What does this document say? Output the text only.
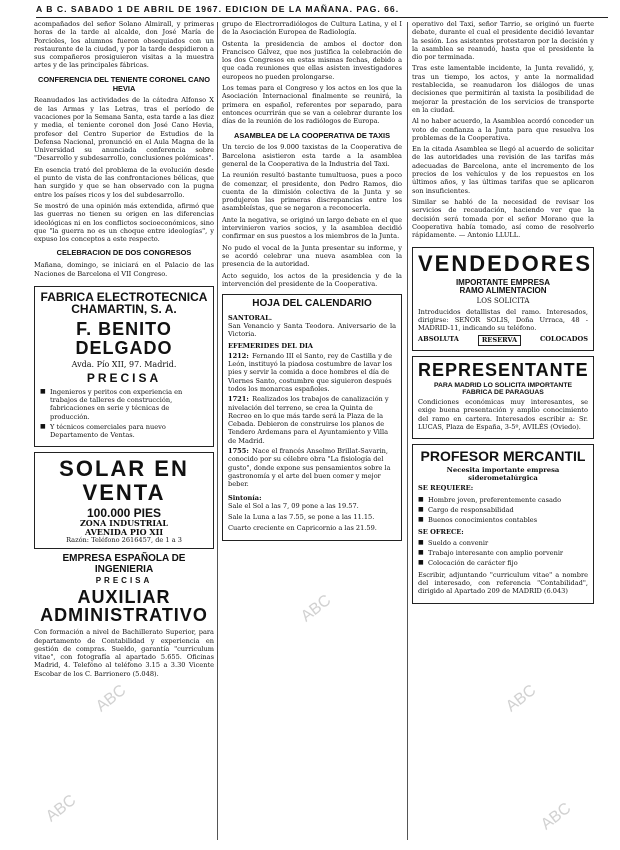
A B C. SABADO 1 DE ABRIL DE 1967. EDICION DE LA MAÑANA. PAG. 66.

acompañados del señor Solano Almirall, y primeras horas de la tarde al alcalde, don José María de Porcioles, los alumnos fueron obsequiados con un restaurante de la ciudad, y por la tarde despidieron a sus compañeros prosiguieron visitas a la muestra artes y de las principales fábricas.

CONFERENCIA DEL TENIENTE CORONEL CANO HEVIA

Reanudados las actividades de la cátedra Alfonso X de las Armas y las Letras, tras el período de vacaciones por la Semana Santa, esta tarde a las diez y media, el teniente coronel don José Cano Hevia, profesor del Centro Superior de Estudios de la Defensa Nacional, pronunció en el Aula Magna de la Universidad su anunciada conferencia sobre "Desarrollo y subdesarrollo, conclusiones polémicas".

En esencia trató del problema de la evolución desde el punto de vista de las confrontaciones bélicas, que han surgido y que se han observado con la pugna entre los países ricos y los del subdesarrollo.

Se mostró de una opinión más extendida, afirmó que las guerras no tienen su origen en las diferencias ideológicas ni en los conflictos socioeconómicos, sino que "la guerra no es un choque entre ideologías", y expuso los conceptos a este respecto.

CELEBRACION DE DOS CONGRESOS

Mañana, domingo, se iniciará en el Palacio de las Naciones de Barcelona el VII Congreso.

FABRICA ELECTROTECNICA
CHAMARTIN, S. A.
F. BENITO DELGADO
Avda. Pío XII, 97. Madrid.
PRECISA
■ Ingenieros y peritos con experiencia en trabajos de talleres de construcción, fabricaciones en serie y técnicas de producción.
■ Y técnicos comerciales para nuevo Departamento de Ventas.
SOLAR EN VENTA
100.000 PIES
ZONA INDUSTRIAL
AVENIDA PIO XII
Razón: Teléfono 2616457, de 1 a 3
EMPRESA ESPAÑOLA DE INGENIERIA
PRECISA
AUXILIAR ADMINISTRATIVO

Con formación a nivel de Bachillerato Superior, para departamento de Contabilidad y experiencia en gestión de compras. Sueldo, garantía "curriculum vitae", con fotografía al apartado 5.655. Oficinas Madrid, 4. Telefóno al teléfono 3.15 a 3.30 Vicente Escobar de los C. Barrionero (5.048).

grupo de Electrorradiólogos de Cultura Latina, y el I de la Asociación Europea de Radiología.

Ostenta la presidencia de ambos el doctor don Francisco Gálvez, que nos justifica la celebración de los dos Congresos en estas mismas fechas, debido a que cada reuniones que ellas asisten investigadores europeos no pueden prolongarse.

Los temas para el Congreso y los actos en los que la Asociación Internacional finalmente se reunirá, la primera en español, referentes por separado, para entonces ocurrirán que se van a celebrar durante los días de la reunión de los radiólogos de Europa.

ASAMBLEA DE LA COOPERATIVA DE TAXIS

Un tercio de los 9.000 taxistas de la Cooperativa de Barcelona asistieron esta tarde a la asamblea general de la Cooperativa de la Industria del Taxi.

La reunión resultó bastante tumultuosa, pues a poco de comenzar, el presidente, don Pedro Ramos, dio cuenta de la dimisión colectiva de la Junta y se produjeron las primeras discrepancias entre los asambleístas, que se negaron a reconocerla.

Ante la negativa, se originó un largo debate en el que intervinieron varios socios, y la asamblea decidió confirmar en sus puestos a los miembros de la Junta.

No pudo el vocal de la Junta presentar su informe, y se acordó celebrar una nueva asamblea con la presencia de la autoridad.

Acto seguido, los actos de la presidencia y de la intervención del presidente de la Cooperativa.

HOJA DEL CALENDARIO
SANTORAL.

San Venancio y Santa Teodora. Aniversario de la Victoria.

EFEMERIDES DEL DIA
1212: Fernando III el Santo, rey de Castilla y de León, instituyó la piadosa costumbre de lavar los pies y servir la comida a doce hombres el día de Viernes Santo, costumbre que siguieron después todos los monarcas españoles.
1721: Realizados los trabajos de canalización y nivelación del terreno, se crea la Quinta de Recreo en lo que más tarde será la Plaza de la Cebada. Debieron de construirse los planos de Tendero Ardemans para el Ayuntamiento y Villa de Madrid.
1755: Nace el francés Anselmo Brillat-Savarin, conocido por su célebre obra "La fisiología del gusto", donde expone sus pensamientos sobre la gastronomía y el arte del buen comer y mejor beber.
Sintonía:

Sale el Sol a las 7, 09 pone a las 19.57.

Sale la Luna a las 7.55, se pone a las 11.15.

Cuarto creciente en Capricornio a las 21.59.

operativo del Taxi, señor Tarrio, se originó un fuerte debate, durante el cual el presidente decidió levantar la sesión. Los asistentes protestaron por la decisión y la asamblea se reanudó, hasta que el presidente la dio por terminada.

Tras este lamentable incidente, la Junta revalidó, y, tras un tiempo, los actos, y ante la normalidad restablecida, se reanudaron los diálogos de unas decisiones que permitirán al taxista la posibilidad de mejorar la prestación de los servicios de transporte en la ciudad.

Al no haber acuerdo, la Asamblea acordó conceder un voto de confianza a la Junta para que resuelva los problemas de la Cooperativa.

En la citada Asamblea se llegó al acuerdo de solicitar de las autoridades una revisión de las tarifas más adecuadas de Barcelona, ante el incremento de los precios de los vehículos y de los repuestos en los últimos años, y las últimas tarifas que se aplicaron son insuficientes.

Similar se habló de la necesidad de revisar los servicios de recaudación, haciendo ver que la decisión será tomada por el señor Morano que la Cooperativa había tomado, así como de resolverlo rápidamente. — Antonio LLULL.

VENDEDORES
IMPORTANTE EMPRESA
RAMO ALIMENTACION
LOS SOLICITA

Introducidos detallistas del ramo. Interesados, dirigirse: SEÑOR SOLIS, Doña Urraca, 48 - MADRID-11, indicando su teléfono.

ABSOLUTA	RESERVA	COLOCADOS
REPRESENTANTE
PARA MADRID LO SOLICITA IMPORTANTE FABRICA DE PARAGUAS

Condiciones económicas muy interesantes, se exige buena presentación y amplio conocimiento del ramo en cartera. Interesados escribir a: Sr. LUCAS, Plaza de España, 3-5º, AVILÉS (Oviedo).

PROFESOR MERCANTIL
Necesita importante empresa siderometalúrgica
SE REQUIERE:
■ Hombre joven, preferentemente casado
■ Cargo de responsabilidad
■ Buenos conocimientos contables
SE OFRECE:
■ Sueldo a convenir
■ Trabajo interesante con amplio porvenir
■ Colocación de carácter fijo

Escribir, adjuntando "curriculum vitae" a nombre del interesado, con referencia "Contabilidad", dirigido al Apartado 209 de MADRID (6.043)

ABC
ABC
ABC
ABC	ABC
